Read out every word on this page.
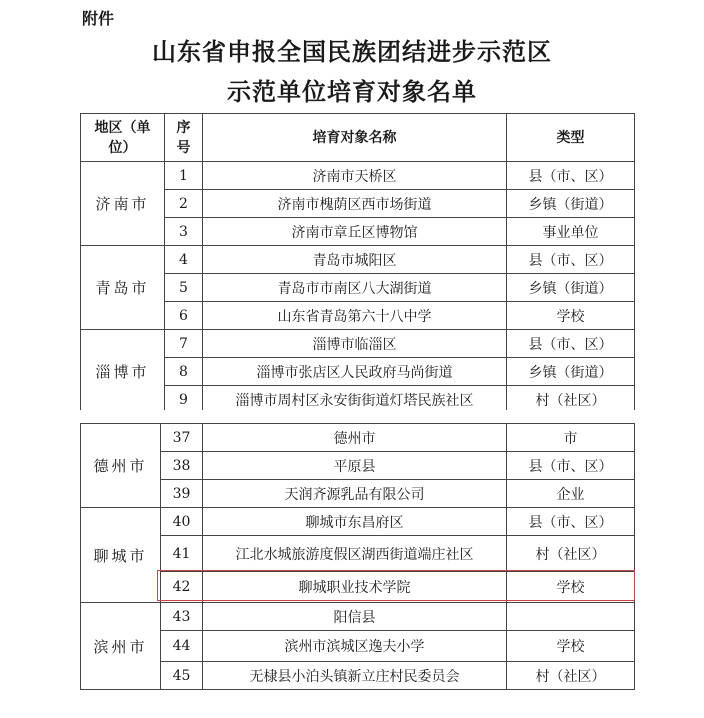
附件
山东省申报全国民族团结进步示范区
示范单位培育对象名单
地区（单位）	序号	培育对象名称	类型
济南市	1	济南市天桥区	县（市、区）
	2	济南市槐荫区西市场街道	乡镇（街道）
	3	济南市章丘区博物馆	事业单位
青岛市	4	青岛市城阳区	县（市、区）
	5	青岛市市南区八大湖街道	乡镇（街道）
	6	山东省青岛第六十八中学	学校
淄博市	7	淄博市临淄区	县（市、区）
	8	淄博市张店区人民政府马尚街道	乡镇（街道）
	9	淄博市周村区永安街街道灯塔民族社区	村（社区）
德州市	37	德州市	市
	38	平原县	县（市、区）
	39	天润齐源乳品有限公司	企业
聊城市	40	聊城市东昌府区	县（市、区）
	41	江北水城旅游度假区湖西街道端庄社区	村（社区）
	42	聊城职业技术学院	学校
滨州市	43	阳信县	
	44	滨州市滨城区逸夫小学	学校
	45	无棣县小泊头镇新立庄村民委员会	村（社区）
